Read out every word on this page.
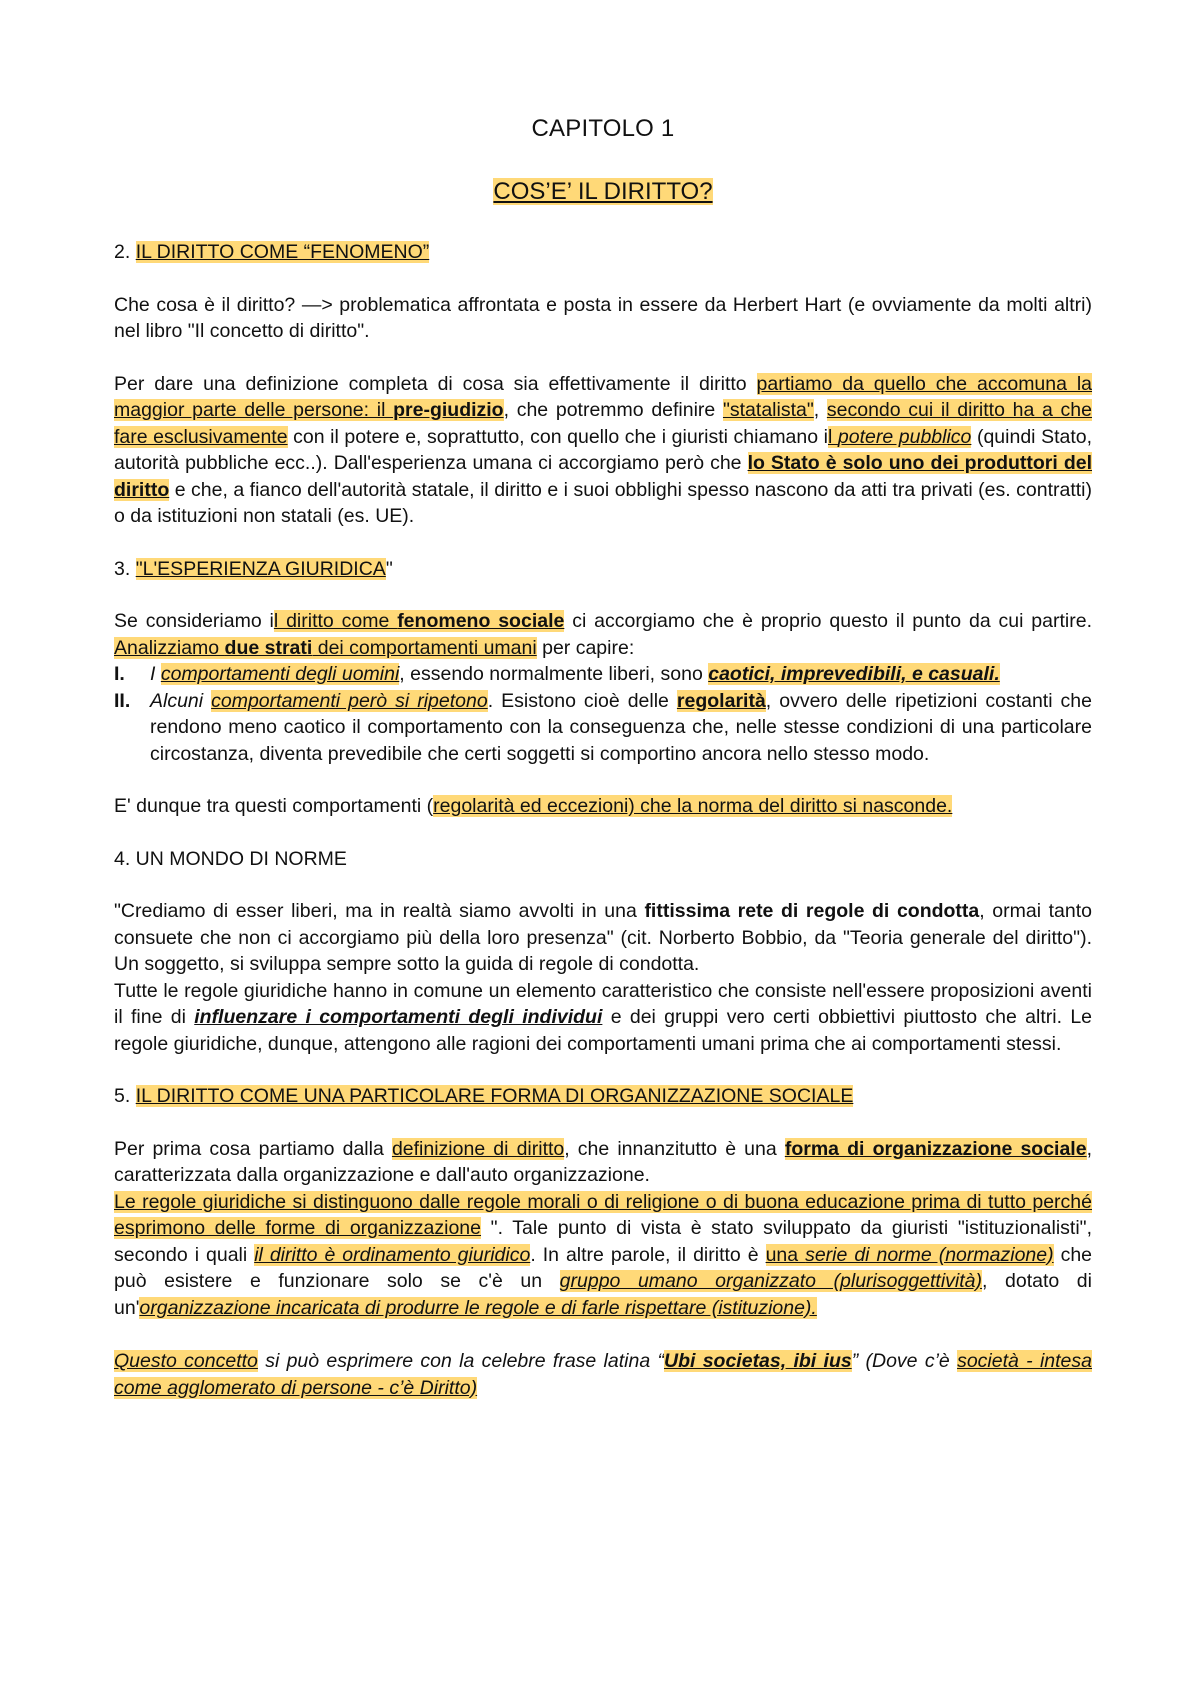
CAPITOLO 1
COS’E’ IL DIRITTO?

2. IL DIRITTO COME “FENOMENO”

Che cosa è il diritto? —> problematica affrontata e posta in essere da Herbert Hart (e ovviamente da molti altri) nel libro "Il concetto di diritto".

Per dare una definizione completa di cosa sia effettivamente il diritto partiamo da quello che accomuna la maggior parte delle persone: il pre-giudizio, che potremmo definire "statalista", secondo cui il diritto ha a che fare esclusivamente con il potere e, soprattutto, con quello che i giuristi chiamano il potere pubblico (quindi Stato, autorità pubbliche ecc..). Dall'esperienza umana ci accorgiamo però che lo Stato è solo uno dei produttori del diritto e che, a fianco dell'autorità statale, il diritto e i suoi obblighi spesso nascono da atti tra privati (es. contratti) o da istituzioni non statali (es. UE).

3. "L'ESPERIENZA GIURIDICA"

Se consideriamo il diritto come fenomeno sociale ci accorgiamo che è proprio questo il punto da cui partire. Analizziamo due strati dei comportamenti umani per capire:

I. I comportamenti degli uomini, essendo normalmente liberi, sono caotici, imprevedibili, e casuali.
II. Alcuni comportamenti però si ripetono. Esistono cioè delle regolarità, ovvero delle ripetizioni costanti che rendono meno caotico il comportamento con la conseguenza che, nelle stesse condizioni di una particolare circostanza, diventa prevedibile che certi soggetti si comportino ancora nello stesso modo.

E' dunque tra questi comportamenti (regolarità ed eccezioni) che la norma del diritto si nasconde.

4. UN MONDO DI NORME

"Crediamo di esser liberi, ma in realtà siamo avvolti in una fittissima rete di regole di condotta, ormai tanto consuete che non ci accorgiamo più della loro presenza" (cit. Norberto Bobbio, da "Teoria generale del diritto"). Un soggetto, si sviluppa sempre sotto la guida di regole di condotta.

Tutte le regole giuridiche hanno in comune un elemento caratteristico che consiste nell'essere proposizioni aventi il fine di influenzare i comportamenti degli individui e dei gruppi vero certi obbiettivi piuttosto che altri. Le regole giuridiche, dunque, attengono alle ragioni dei comportamenti umani prima che ai comportamenti stessi.

5. IL DIRITTO COME UNA PARTICOLARE FORMA DI ORGANIZZAZIONE SOCIALE

Per prima cosa partiamo dalla definizione di diritto, che innanzitutto è una forma di organizzazione sociale, caratterizzata dalla organizzazione e dall'auto organizzazione.

Le regole giuridiche si distinguono dalle regole morali o di religione o di buona educazione prima di tutto perché esprimono delle forme di organizzazione ". Tale punto di vista è stato sviluppato da giuristi "istituzionalisti", secondo i quali il diritto è ordinamento giuridico. In altre parole, il diritto è una serie di norme (normazione) che può esistere e funzionare solo se c'è un gruppo umano organizzato (plurisoggettività), dotato di un'organizzazione incaricata di produrre le regole e di farle rispettare (istituzione).

Questo concetto si può esprimere con la celebre frase latina “Ubi societas, ibi ius” (Dove c’è società - intesa come agglomerato di persone - c’è Diritto)
